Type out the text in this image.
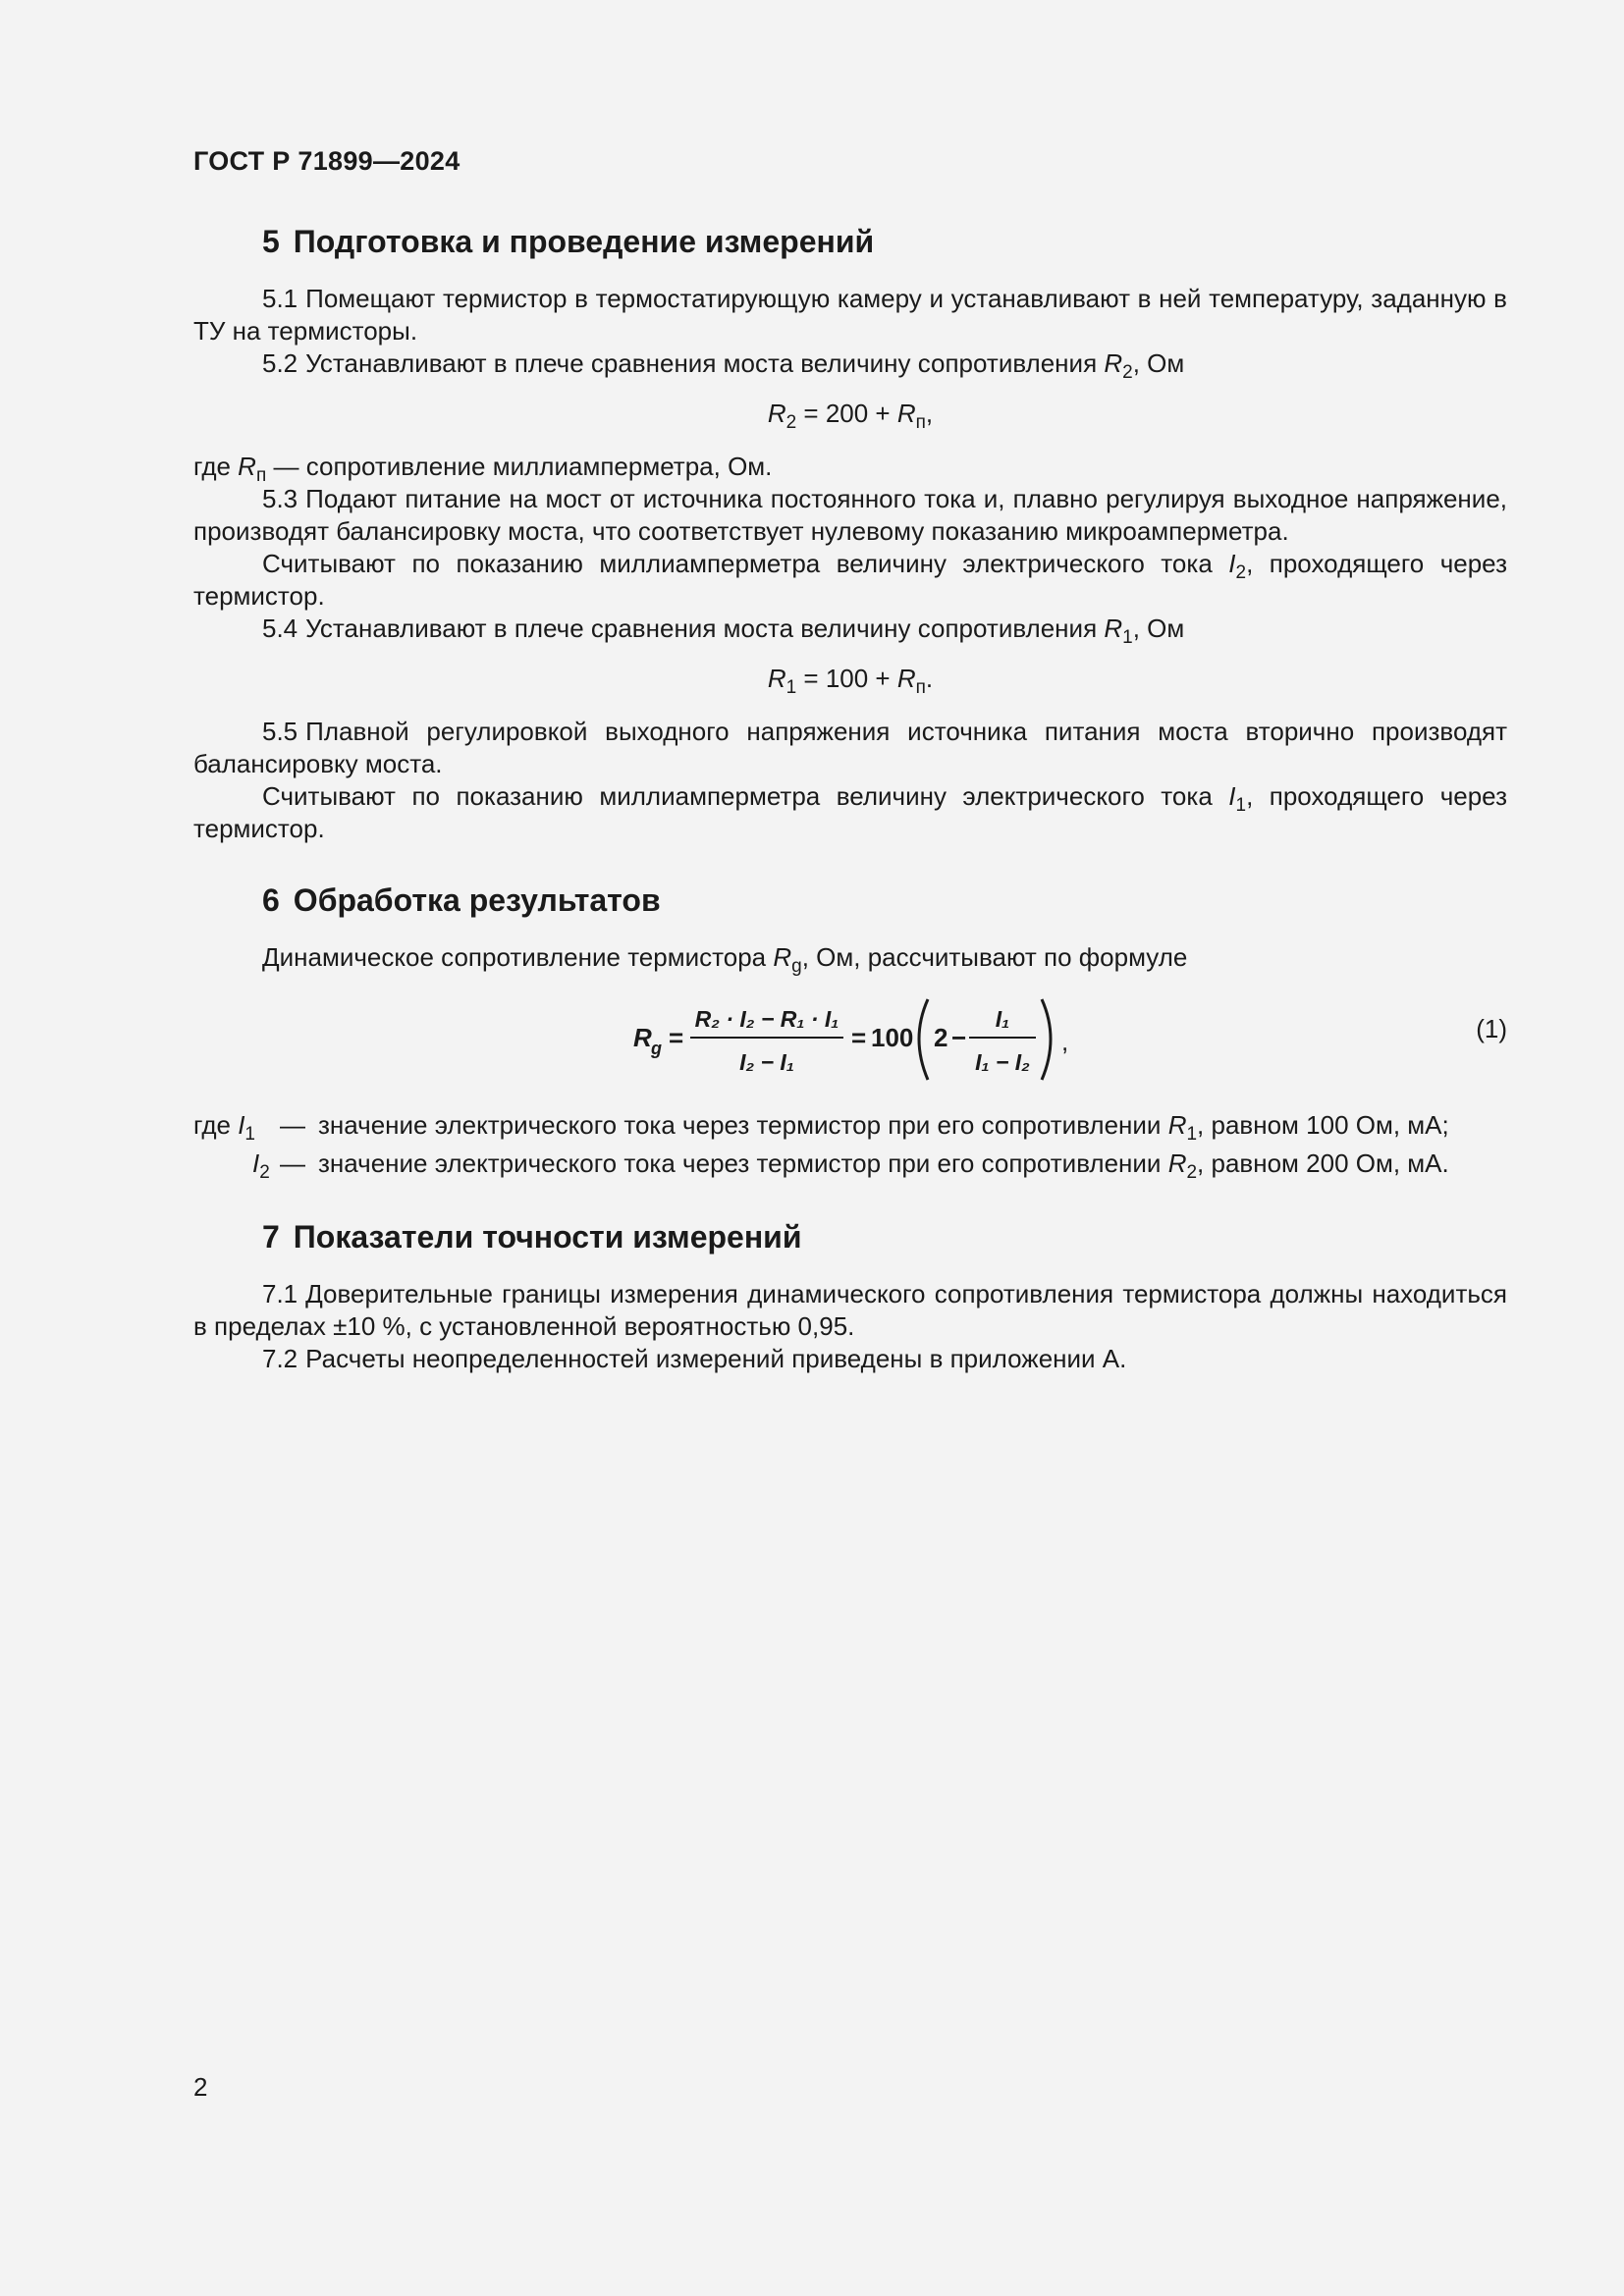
ГОСТ Р 71899—2024
5 Подготовка и проведение измерений

5.1 Помещают термистор в термостатирующую камеру и устанавливают в ней температуру, заданную в ТУ на термисторы.

5.2 Устанавливают в плече сравнения моста величину сопротивления $R_2$, Ом

$R_2 = 200 + R_п$,

где $R_п$ — сопротивление миллиамперметра, Ом.

5.3 Подают питание на мост от источника постоянного тока и, плавно регулируя выходное напряжение, производят балансировку моста, что соответствует нулевому показанию микроамперметра.

Считывают по показанию миллиамперметра величину электрического тока $I_2$, проходящего через термистор.

5.4 Устанавливают в плече сравнения моста величину сопротивления $R_1$, Ом

$R_1 = 100 + R_п$.

5.5 Плавной регулировкой выходного напряжения источника питания моста вторично производят балансировку моста.

Считывают по показанию миллиамперметра величину электрического тока $I_1$, проходящего через термистор.

6 Обработка результатов

Динамическое сопротивление термистора $R_g$, Ом, рассчитывают по формуле

R g =
R₂ · I₂ − R₁ · I₁
I₂ − I₁
= 100 2 −
I₁
I₁ − I₂
,	(1)
где $I_1$ — значение электрического тока через термистор при его сопротивлении $R_1$, равном 100 Ом, мА;
$I_2$ — значение электрического тока через термистор при его сопротивлении $R_2$, равном 200 Ом, мА.
7 Показатели точности измерений

7.1 Доверительные границы измерения динамического сопротивления термистора должны находиться в пределах ±10 %, с установленной вероятностью 0,95.

7.2 Расчеты неопределенностей измерений приведены в приложении А.

2
